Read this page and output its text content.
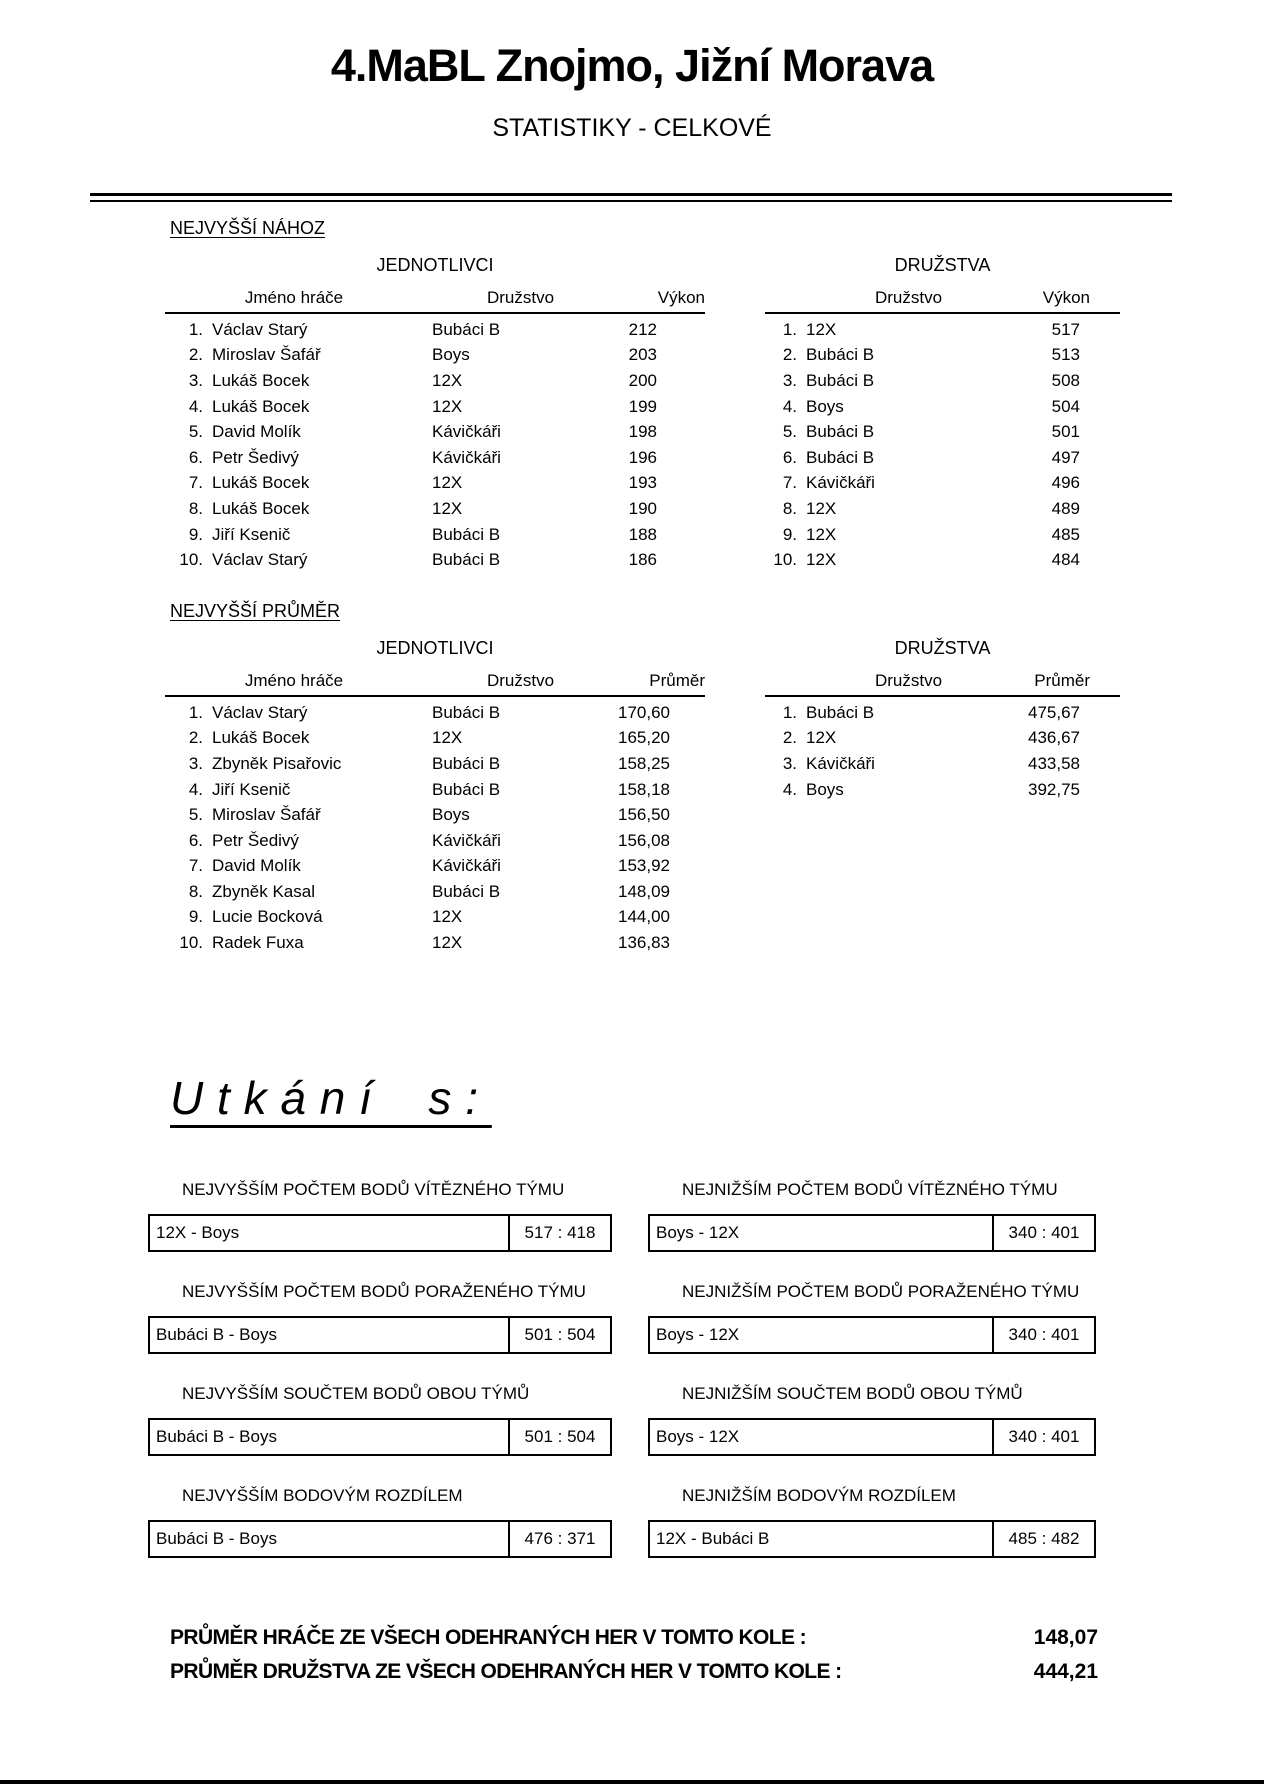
4.MaBL Znojmo, Jižní Morava
STATISTIKY - CELKOVÉ
NEJVYŠŠÍ NÁHOZ
JEDNOTLIVCI
Jméno hráče	Družstvo	Výkon
1. Václav Starý	Bubáci B	212
2. Miroslav Šafář	Boys	203
3. Lukáš Bocek	12X	200
4. Lukáš Bocek	12X	199
5. David Molík	Kávičkáři	198
6. Petr Šedivý	Kávičkáři	196
7. Lukáš Bocek	12X	193
8. Lukáš Bocek	12X	190
9. Jiří Ksenič	Bubáci B	188
10. Václav Starý	Bubáci B	186
DRUŽSTVA
Družstvo	Výkon
1. 12X	517
2. Bubáci B	513
3. Bubáci B	508
4. Boys	504
5. Bubáci B	501
6. Bubáci B	497
7. Kávičkáři	496
8. 12X	489
9. 12X	485
10. 12X	484
NEJVYŠŠÍ PRŮMĚR
JEDNOTLIVCI
Jméno hráče	Družstvo	Průměr
1. Václav Starý	Bubáci B	170,60
2. Lukáš Bocek	12X	165,20
3. Zbyněk Pisařovic	Bubáci B	158,25
4. Jiří Ksenič	Bubáci B	158,18
5. Miroslav Šafář	Boys	156,50
6. Petr Šedivý	Kávičkáři	156,08
7. David Molík	Kávičkáři	153,92
8. Zbyněk Kasal	Bubáci B	148,09
9. Lucie Bocková	12X	144,00
10. Radek Fuxa	12X	136,83
DRUŽSTVA
Družstvo	Průměr
1. Bubáci B	475,67
2. 12X	436,67
3. Kávičkáři	433,58
4. Boys	392,75
Utkání s:
NEJVYŠŠÍM POČTEM BODŮ VÍTĚZNÉHO TÝMU
12X - Boys	517 : 418
NEJNIŽŠÍM POČTEM BODŮ VÍTĚZNÉHO TÝMU
Boys - 12X	340 : 401
NEJVYŠŠÍM POČTEM BODŮ PORAŽENÉHO TÝMU
Bubáci B - Boys	501 : 504
NEJNIŽŠÍM POČTEM BODŮ PORAŽENÉHO TÝMU
Boys - 12X	340 : 401
NEJVYŠŠÍM SOUČTEM BODŮ OBOU TÝMŮ
Bubáci B - Boys	501 : 504
NEJNIŽŠÍM SOUČTEM BODŮ OBOU TÝMŮ
Boys - 12X	340 : 401
NEJVYŠŠÍM BODOVÝM ROZDÍLEM
Bubáci B - Boys	476 : 371
NEJNIŽŠÍM BODOVÝM ROZDÍLEM
12X - Bubáci B	485 : 482
PRŮMĚR HRÁČE ZE VŠECH ODEHRANÝCH HER V TOMTO KOLE :	148,07
PRŮMĚR DRUŽSTVA ZE VŠECH ODEHRANÝCH HER V TOMTO KOLE :	444,21
